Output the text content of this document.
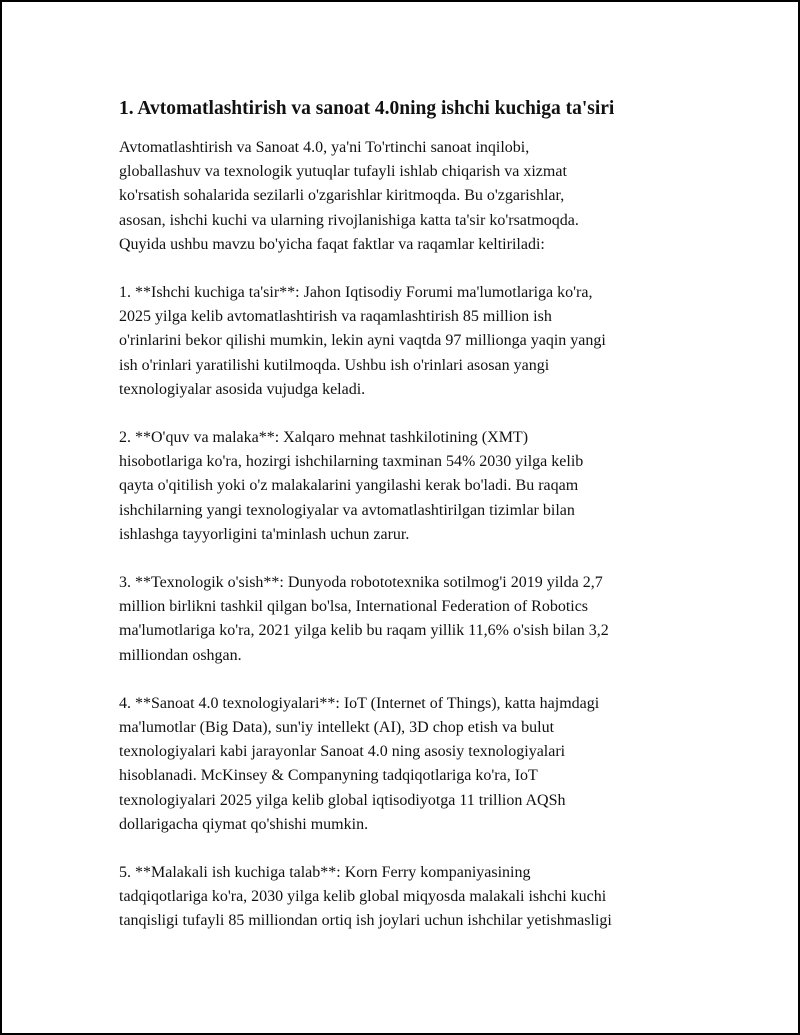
1. Avtomatlashtirish va sanoat 4.0ning ishchi kuchiga ta'siri

Avtomatlashtirish va Sanoat 4.0, ya'ni To'rtinchi sanoat inqilobi,
globallashuv va texnologik yutuqlar tufayli ishlab chiqarish va xizmat
ko'rsatish sohalarida sezilarli o'zgarishlar kiritmoqda. Bu o'zgarishlar,
asosan, ishchi kuchi va ularning rivojlanishiga katta ta'sir ko'rsatmoqda.
Quyida ushbu mavzu bo'yicha faqat faktlar va raqamlar keltiriladi:

1. **Ishchi kuchiga ta'sir**: Jahon Iqtisodiy Forumi ma'lumotlariga ko'ra,
2025 yilga kelib avtomatlashtirish va raqamlashtirish 85 million ish
o'rinlarini bekor qilishi mumkin, lekin ayni vaqtda 97 millionga yaqin yangi
ish o'rinlari yaratilishi kutilmoqda. Ushbu ish o'rinlari asosan yangi
texnologiyalar asosida vujudga keladi.

2. **O'quv va malaka**: Xalqaro mehnat tashkilotining (XMT)
hisobotlariga ko'ra, hozirgi ishchilarning taxminan 54% 2030 yilga kelib
qayta o'qitilish yoki o'z malakalarini yangilashi kerak bo'ladi. Bu raqam
ishchilarning yangi texnologiyalar va avtomatlashtirilgan tizimlar bilan
ishlashga tayyorligini ta'minlash uchun zarur.

3. **Texnologik o'sish**: Dunyoda robototexnika sotilmog'i 2019 yilda 2,7
million birlikni tashkil qilgan bo'lsa, International Federation of Robotics
ma'lumotlariga ko'ra, 2021 yilga kelib bu raqam yillik 11,6% o'sish bilan 3,2
milliondan oshgan.

4. **Sanoat 4.0 texnologiyalari**: IoT (Internet of Things), katta hajmdagi
ma'lumotlar (Big Data), sun'iy intellekt (AI), 3D chop etish va bulut
texnologiyalari kabi jarayonlar Sanoat 4.0 ning asosiy texnologiyalari
hisoblanadi. McKinsey & Companyning tadqiqotlariga ko'ra, IoT
texnologiyalari 2025 yilga kelib global iqtisodiyotga 11 trillion AQSh
dollarigacha qiymat qo'shishi mumkin.

5. **Malakali ish kuchiga talab**: Korn Ferry kompaniyasining
tadqiqotlariga ko'ra, 2030 yilga kelib global miqyosda malakali ishchi kuchi
tanqisligi tufayli 85 milliondan ortiq ish joylari uchun ishchilar yetishmasligi
